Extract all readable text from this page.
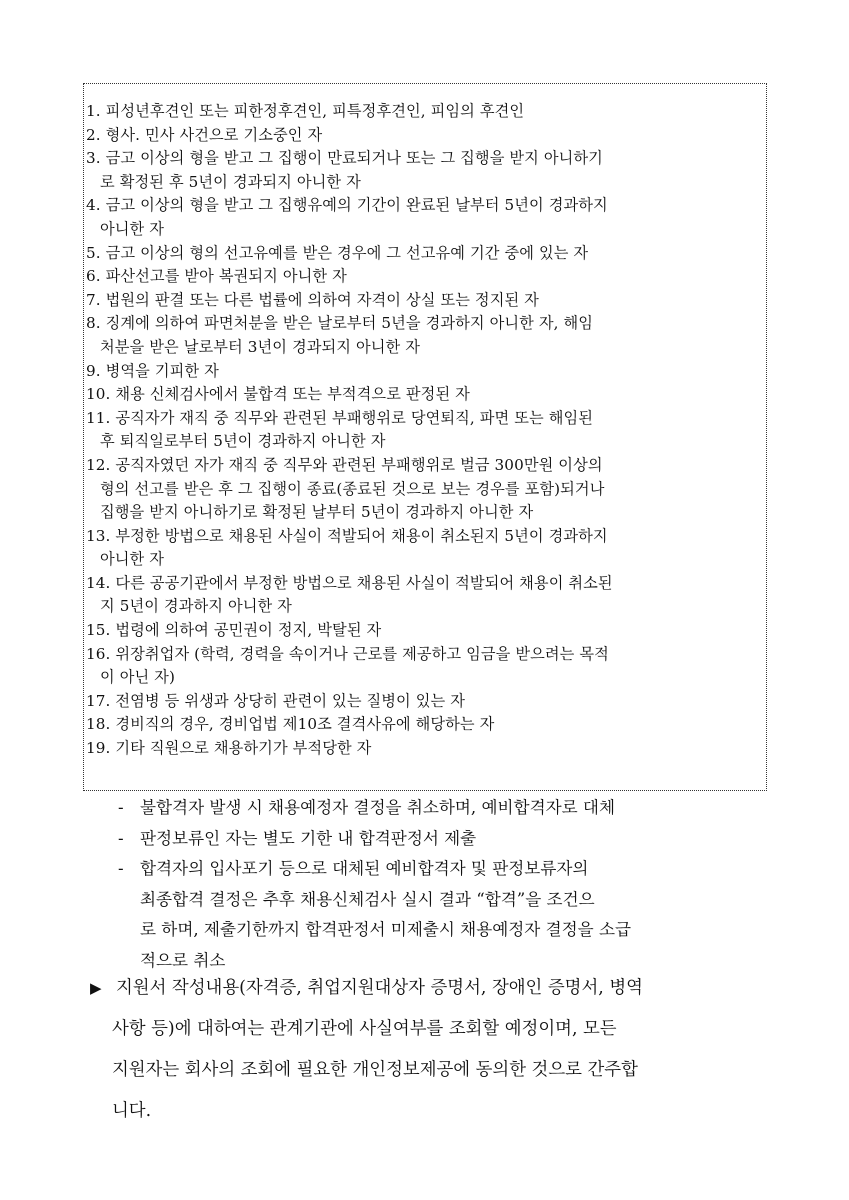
1. 피성년후견인 또는 피한정후견인, 피특정후견인, 피임의 후견인
2. 형사. 민사 사건으로 기소중인 자
3. 금고 이상의 형을 받고 그 집행이 만료되거나 또는 그 집행을 받지 아니하기
로 확정된 후 5년이 경과되지 아니한 자
4. 금고 이상의 형을 받고 그 집행유예의 기간이 완료된 날부터 5년이 경과하지
아니한 자
5. 금고 이상의 형의 선고유예를 받은 경우에 그 선고유예 기간 중에 있는 자
6. 파산선고를 받아 복권되지 아니한 자
7. 법원의 판결 또는 다른 법률에 의하여 자격이 상실 또는 정지된 자
8. 징계에 의하여 파면처분을 받은 날로부터 5년을 경과하지 아니한 자, 해임
처분을 받은 날로부터 3년이 경과되지 아니한 자
9. 병역을 기피한 자
10. 채용 신체검사에서 불합격 또는 부적격으로 판정된 자
11. 공직자가 재직 중 직무와 관련된 부패행위로 당연퇴직, 파면 또는 해임된
후 퇴직일로부터 5년이 경과하지 아니한 자
12. 공직자였던 자가 재직 중 직무와 관련된 부패행위로 벌금 300만원 이상의
형의 선고를 받은 후 그 집행이 종료(종료된 것으로 보는 경우를 포함)되거나
집행을 받지 아니하기로 확정된 날부터 5년이 경과하지 아니한 자
13. 부정한 방법으로 채용된 사실이 적발되어 채용이 취소된지 5년이 경과하지
아니한 자
14. 다른 공공기관에서 부정한 방법으로 채용된 사실이 적발되어 채용이 취소된
지 5년이 경과하지 아니한 자
15. 법령에 의하여 공민권이 정지, 박탈된 자
16. 위장취업자 (학력, 경력을 속이거나 근로를 제공하고 임금을 받으려는 목적
이 아닌 자)
17. 전염병 등 위생과 상당히 관련이 있는 질병이 있는 자
18. 경비직의 경우, 경비업법 제10조 결격사유에 해당하는 자
19. 기타 직원으로 채용하기가 부적당한 자
- 불합격자 발생 시 채용예정자 결정을 취소하며, 예비합격자로 대체
- 판정보류인 자는 별도 기한 내 합격판정서 제출
- 합격자의 입사포기 등으로 대체된 예비합격자 및 판정보류자의
최종합격 결정은 추후 채용신체검사 실시 결과 “합격”을 조건으
로 하며, 제출기한까지 합격판정서 미제출시 채용예정자 결정을 소급
적으로 취소
▶ 지원서 작성내용(자격증, 취업지원대상자 증명서, 장애인 증명서, 병역
사항 등)에 대하여는 관계기관에 사실여부를 조회할 예정이며, 모든
지원자는 회사의 조회에 필요한 개인정보제공에 동의한 것으로 간주합
니다.
